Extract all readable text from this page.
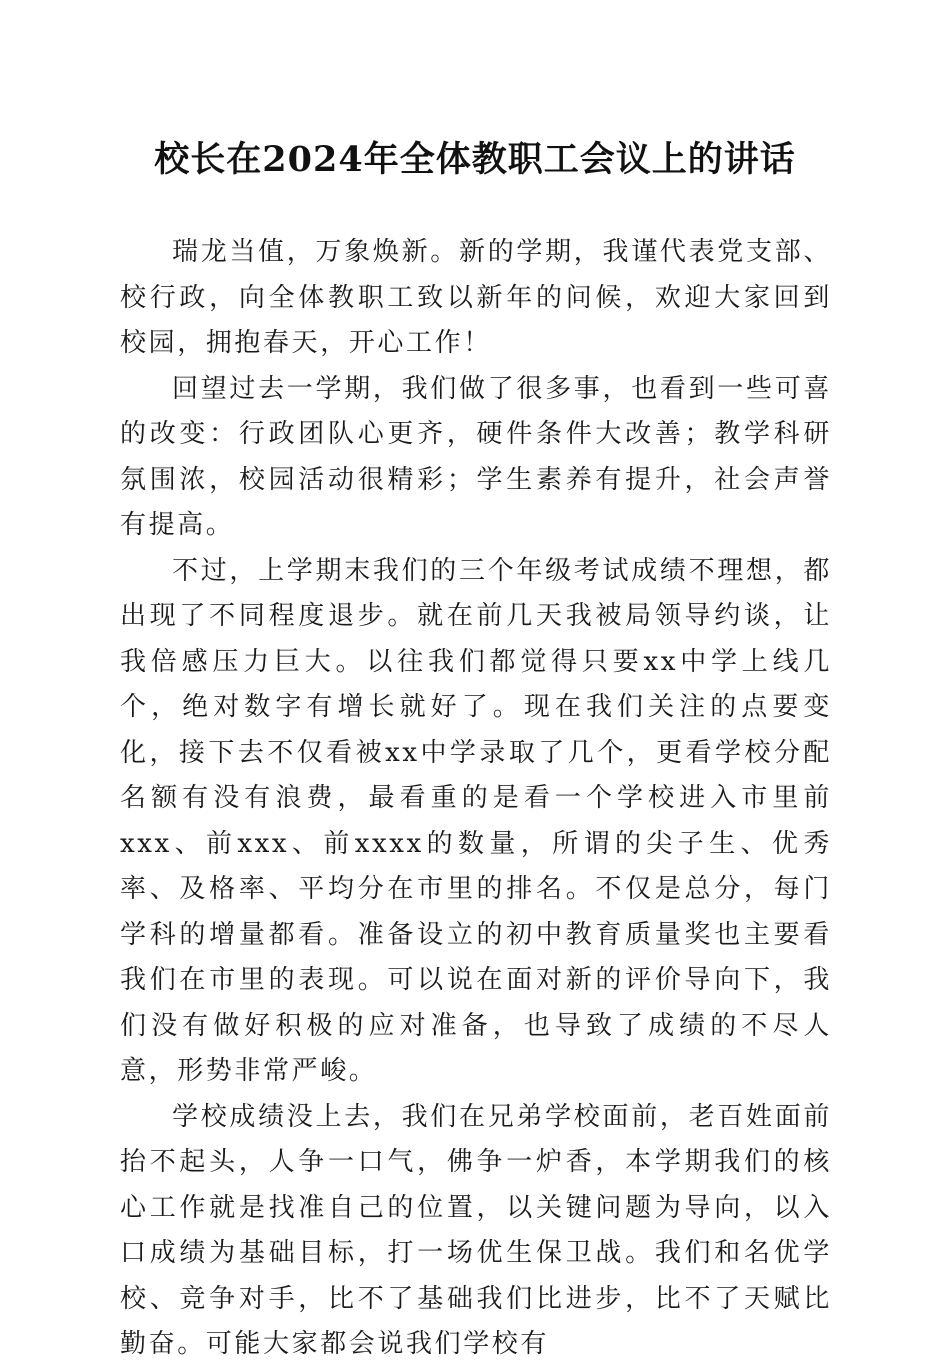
校长在2024年全体教职工会议上的讲话

瑞龙当值，万象焕新。新的学期，我谨代表党支部、校行政，向全体教职工致以新年的问候，欢迎大家回到校园，拥抱春天，开心工作！

回望过去一学期，我们做了很多事，也看到一些可喜的改变：行政团队心更齐，硬件条件大改善；教学科研氛围浓，校园活动很精彩；学生素养有提升，社会声誉有提高。

不过，上学期末我们的三个年级考试成绩不理想，都出现了不同程度退步。就在前几天我被局领导约谈，让我倍感压力巨大。以往我们都觉得只要xx中学上线几个，绝对数字有增长就好了。现在我们关注的点要变化，接下去不仅看被xx中学录取了几个，更看学校分配名额有没有浪费，最看重的是看一个学校进入市里前xxx、前xxx、前xxxx的数量，所谓的尖子生、优秀率、及格率、平均分在市里的排名。不仅是总分，每门学科的增量都看。准备设立的初中教育质量奖也主要看我们在市里的表现。可以说在面对新的评价导向下，我们没有做好积极的应对准备，也导致了成绩的不尽人意，形势非常严峻。

学校成绩没上去，我们在兄弟学校面前，老百姓面前抬不起头，人争一口气，佛争一炉香，本学期我们的核心工作就是找准自己的位置，以关键问题为导向，以入口成绩为基础目标，打一场优生保卫战。我们和名优学校、竞争对手，比不了基础我们比进步，比不了天赋比勤奋。可能大家都会说我们学校有
